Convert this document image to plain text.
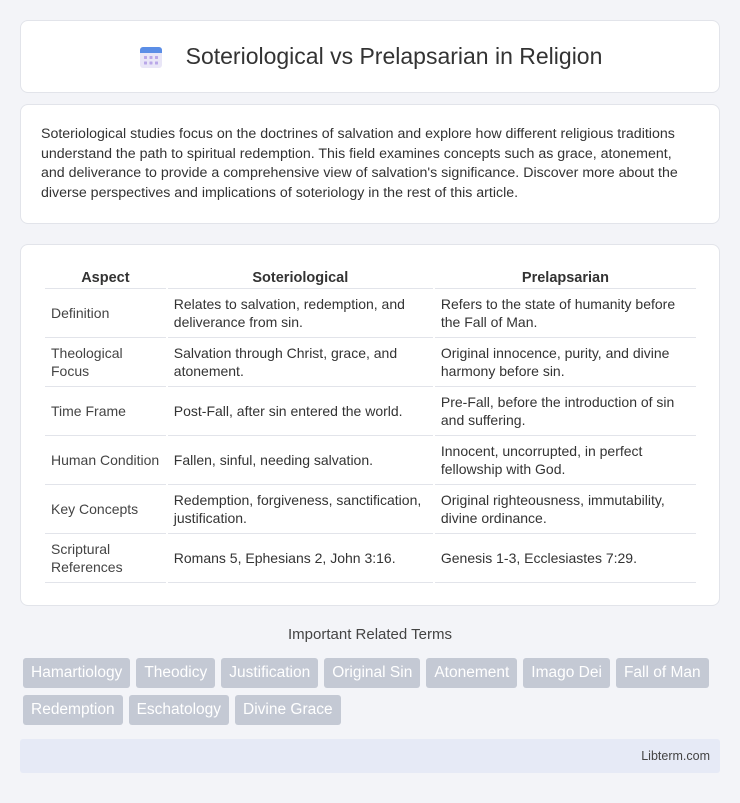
Soteriological vs Prelapsarian in Religion

Soteriological studies focus on the doctrines of salvation and explore how different religious traditions understand the path to spiritual redemption. This field examines concepts such as grace, atonement, and deliverance to provide a comprehensive view of salvation's significance. Discover more about the diverse perspectives and implications of soteriology in the rest of this article.

Aspect	Soteriological	Prelapsarian
Definition	Relates to salvation, redemption, and deliverance from sin.	Refers to the state of humanity before the Fall of Man.
Theological Focus	Salvation through Christ, grace, and atonement.	Original innocence, purity, and divine harmony before sin.
Time Frame	Post-Fall, after sin entered the world.	Pre-Fall, before the introduction of sin and suffering.
Human Condition	Fallen, sinful, needing salvation.	Innocent, uncorrupted, in perfect fellowship with God.
Key Concepts	Redemption, forgiveness, sanctification, justification.	Original righteousness, immutability, divine ordinance.
Scriptural References	Romans 5, Ephesians 2, John 3:16.	Genesis 1-3, Ecclesiastes 7:29.
Important Related Terms
Hamartiology	Theodicy	Justification	Original Sin	Atonement	Imago Dei	Fall of Man
Redemption	Eschatology	Divine Grace
Libterm.com
